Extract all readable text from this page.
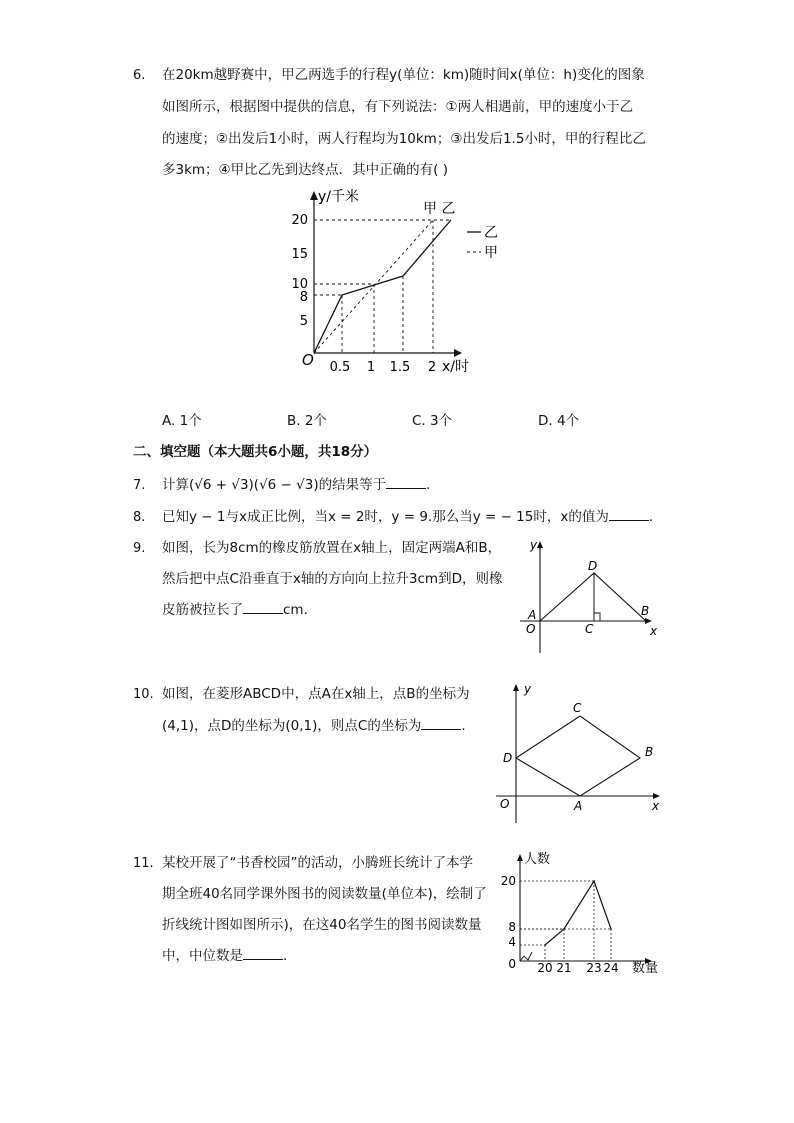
6. 在20km越野赛中，甲乙两选手的行程y(单位：km)随时间x(单位：h)变化的图象
如图所示，根据图中提供的信息，有下列说法：①两人相遇前，甲的速度小于乙
的速度；②出发后1小时，两人行程均为10km；③出发后1.5小时，甲的行程比乙
多3km；④甲比乙先到达终点．其中正确的有( )
20
15
10
8
5
0.5 1 1.5 2
O
y/千米
x/时
甲 乙
乙
甲
A. 1个	B. 2个	C. 3个	D. 4个
二、填空题（本大题共6小题，共18分）
7. 计算(√6 + √3)(√6 − √3)的结果等于	．
8. 已知y − 1与x成正比例，当x = 2时，y = 9.那么当y = − 15时，x的值为	．
9. 如图，长为8cm的橡皮筋放置在x轴上，固定两端A和B，
然后把中点C沿垂直于x轴的方向向上拉升3cm到D，则橡
皮筋被拉长了	cm．
y
x
D
A
O	C
B
10. 如图，在菱形ABCD中，点A在x轴上，点B的坐标为
(4,1)，点D的坐标为(0,1)，则点C的坐标为	．
y
x
C
D	B
O	A
11. 某校开展了“书香校园”的活动，小腾班长统计了本学
期全班40名同学课外图书的阅读数量(单位本)，绘制了
折线统计图如图所示)，在这40名学生的图书阅读数量
中，中位数是	．
人数
数量
20
8
4
0 20 21 23 24
